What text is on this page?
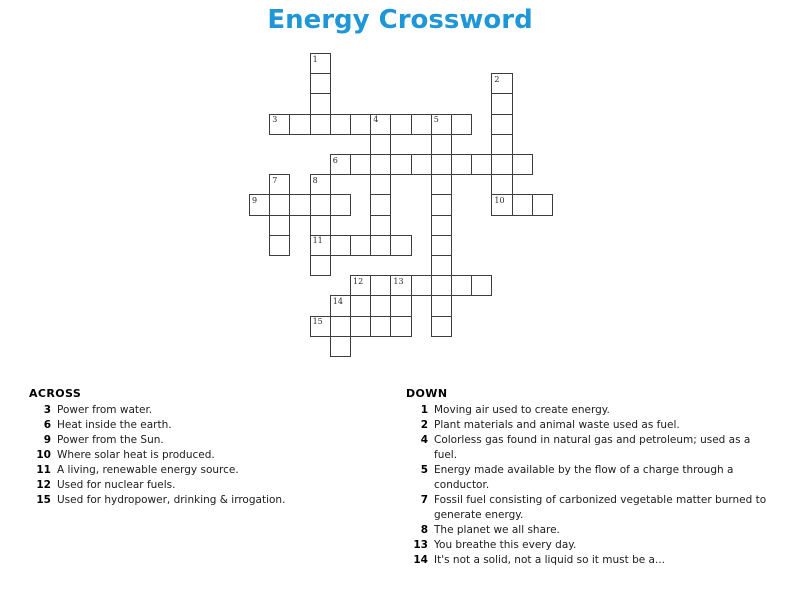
Energy Crossword
1
2
3	4	5
6
7	8
9	10
11
12	13
14
15
ACROSS
3 Power from water.
6 Heat inside the earth.
9 Power from the Sun.
10 Where solar heat is produced.
11 A living, renewable energy source.
12 Used for nuclear fuels.
15 Used for hydropower, drinking & irrogation.
DOWN
1 Moving air used to create energy.
2 Plant materials and animal waste used as fuel.
4 Colorless gas found in natural gas and petroleum; used as a fuel.
5 Energy made available by the flow of a charge through a conductor.
7 Fossil fuel consisting of carbonized vegetable matter burned to generate energy.
8 The planet we all share.
13 You breathe this every day.
14 It's not a solid, not a liquid so it must be a...
